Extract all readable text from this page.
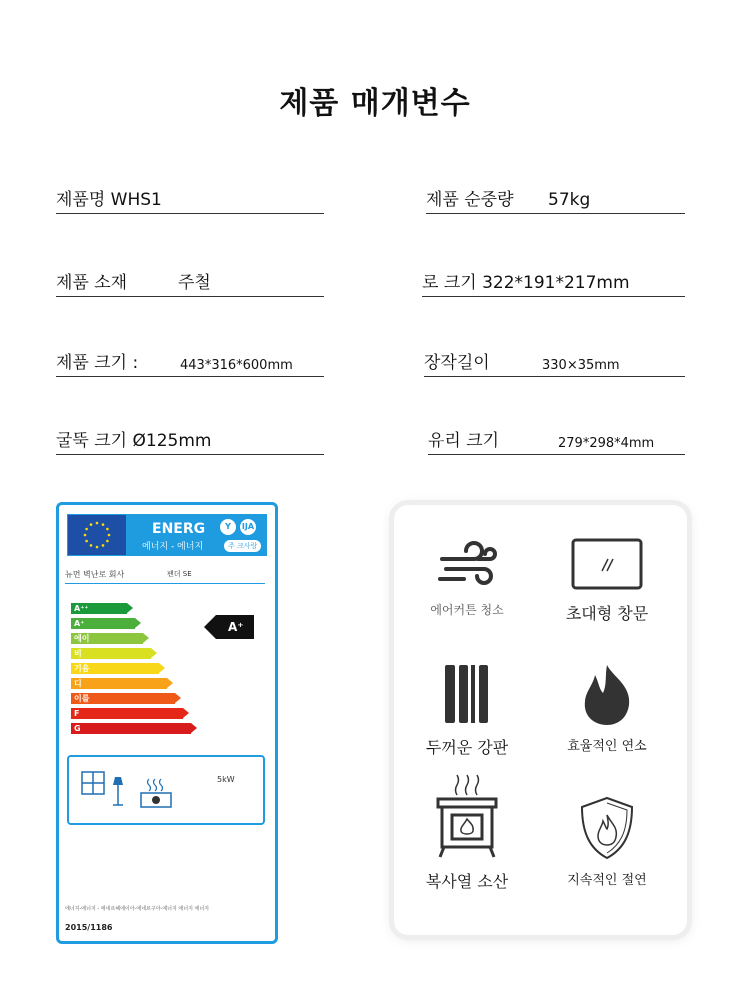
제품 매개변수
제품명 WHS1	제품 순중량 57kg
제품 소재	주철	로 크기 322*191*217mm
제품 크기 :	443*316*600mm	장작길이	330×35mm
굴뚝 크기 Ø125mm	유리 크기	279*298*4mm
ENERG
에너지 - 에너지
Y	IJA
주 크사랑
뉴먼 벽난로 회사	팬더 SE
A⁺⁺
A⁺
에이
비
기음
디
이를
F
G
A⁺
5kW
에너지-에너지 - 에네르헤에이아-에네르구아-에너지 에너지 에너지
2015/1186
에어커튼 청소	초대형 창문
두꺼운 강판	효율적인 연소
복사열 소산	지속적인 절연
